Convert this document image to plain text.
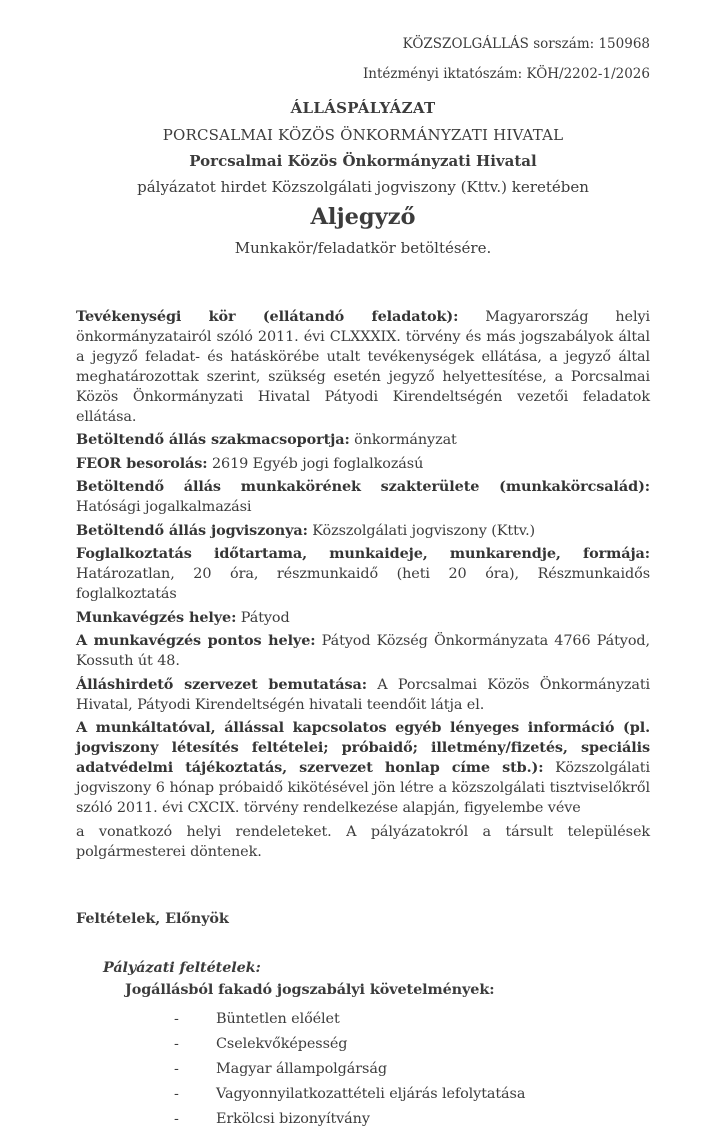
KÖZSZOLGÁLLÁS sorszám: 150968
Intézményi iktatószám: KÖH/2202-1/2026
ÁLLÁSPÁLYÁZAT
PORCSALMAI KÖZÖS ÖNKORMÁNYZATI HIVATAL
Porcsalmai Közös Önkormányzati Hivatal
pályázatot hirdet Közszolgálati jogviszony (Kttv.) keretében
Aljegyző
Munkakör/feladatkör betöltésére.

Tevékenységi kör (ellátandó feladatok): Magyarország helyi önkormányzatairól szóló 2011. évi CLXXXIX. törvény és más jogszabályok által a jegyző feladat- és hatáskörébe utalt tevékenységek ellátása, a jegyző által meghatározottak szerint, szükség esetén jegyző helyettesítése, a Porcsalmai Közös Önkormányzati Hivatal Pátyodi Kirendeltségén vezetői feladatok ellátása.

Betöltendő állás szakmacsoportja: önkormányzat

FEOR besorolás: 2619 Egyéb jogi foglalkozású

Betöltendő állás munkakörének szakterülete (munkakörcsalád): Hatósági jogalkalmazási

Betöltendő állás jogviszonya: Közszolgálati jogviszony (Kttv.)

Foglalkoztatás időtartama, munkaideje, munkarendje, formája: Határozatlan, 20 óra, részmunkaidő (heti 20 óra), Részmunkaidős foglalkoztatás

Munkavégzés helye: Pátyod

A munkavégzés pontos helye: Pátyod Község Önkormányzata 4766 Pátyod, Kossuth út 48.

Álláshirdető szervezet bemutatása: A Porcsalmai Közös Önkormányzati Hivatal, Pátyodi Kirendeltségén hivatali teendőit látja el.

A munkáltatóval, állással kapcsolatos egyéb lényeges információ (pl. jogviszony létesítés feltételei; próbaidő; illetmény/fizetés, speciális adatvédelmi tájékoztatás, szervezet honlap címe stb.): Közszolgálati jogviszony 6 hónap próbaidő kikötésével jön létre a közszolgálati tisztviselőkről szóló 2011. évi CXCIX. törvény rendelkezése alapján, figyelembe véve

a vonatkozó helyi rendeleteket. A pályázatokról a társult települések polgármesterei döntenek.

Feltételek, Előnyök
Pályázati feltételek:
Jogállásból fakadó jogszabályi követelmények:
-	Büntetlen előélet
-	Cselekvőképesség
-	Magyar állampolgárság
-	Vagyonnyilatkozattételi eljárás lefolytatása
-	Erkölcsi bizonyítvány
